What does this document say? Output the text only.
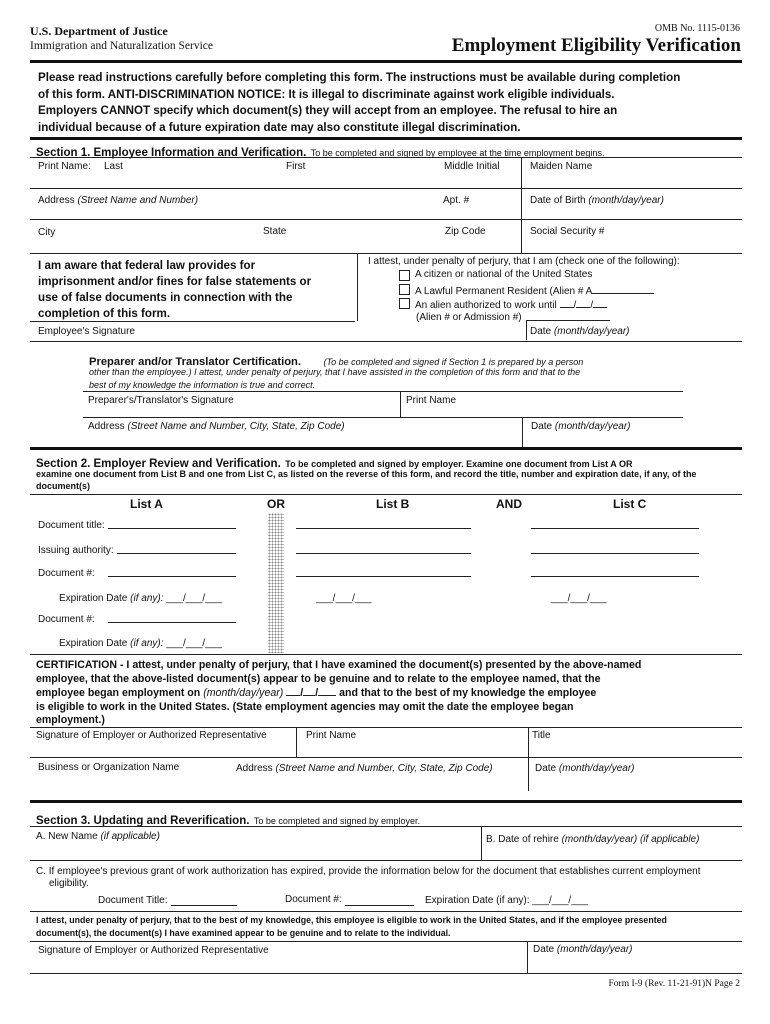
U.S. Department of Justice
Immigration and Naturalization Service
OMB No. 1115-0136
Employment Eligibility Verification
Please read instructions carefully before completing this form. The instructions must be available during completion
of this form. ANTI-DISCRIMINATION NOTICE: It is illegal to discriminate against work eligible individuals.
Employers CANNOT specify which document(s) they will accept from an employee. The refusal to hire an
individual because of a future expiration date may also constitute illegal discrimination.
Section 1. Employee Information and Verification. To be completed and signed by employee at the time employment begins.
Print Name: Last	First	Middle Initial	Maiden Name
Address (Street Name and Number)	Apt. #	Date of Birth (month/day/year)
City	State	Zip Code	Social Security #
I am aware that federal law provides for
imprisonment and/or fines for false statements or
use of false documents in connection with the
completion of this form.
I attest, under penalty of perjury, that I am (check one of the following):
A citizen or national of the United States
A Lawful Permanent Resident (Alien # A
An alien authorized to work until / /
(Alien # or Admission #)
Employee's Signature	Date (month/day/year)
Preparer and/or Translator Certification. (To be completed and signed if Section 1 is prepared by a person
other than the employee.) I attest, under penalty of perjury, that I have assisted in the completion of this form and that to the
best of my knowledge the information is true and correct.
Preparer's/Translator's Signature	Print Name
Address (Street Name and Number, City, State, Zip Code)	Date (month/day/year)
Section 2. Employer Review and Verification. To be completed and signed by employer. Examine one document from List A OR
examine one document from List B and one from List C, as listed on the reverse of this form, and record the title, number and expiration date, if any, of the
document(s)
List A	OR	List B	AND	List C
Document title:
Issuing authority:
Document #:
Expiration Date (if any): ___/___/___	___/___/___	___/___/___
Document #:
Expiration Date (if any): ___/___/___
CERTIFICATION - I attest, under penalty of perjury, that I have examined the document(s) presented by the above-named
employee, that the above-listed document(s) appear to be genuine and to relate to the employee named, that the
employee began employment on (month/day/year) / / and that to the best of my knowledge the employee
is eligible to work in the United States. (State employment agencies may omit the date the employee began
employment.)
Signature of Employer or Authorized Representative	Print Name	Title
Business or Organization Name	Address (Street Name and Number, City, State, Zip Code)	Date (month/day/year)
Section 3. Updating and Reverification. To be completed and signed by employer.
A. New Name (if applicable)	B. Date of rehire (month/day/year) (if applicable)
C. If employee's previous grant of work authorization has expired, provide the information below for the document that establishes current employment
eligibility.
Document Title:	Document #:	Expiration Date (if any): ___/___/___
I attest, under penalty of perjury, that to the best of my knowledge, this employee is eligible to work in the United States, and if the employee presented
document(s), the document(s) I have examined appear to be genuine and to relate to the individual.
Signature of Employer or Authorized Representative	Date (month/day/year)
Form I-9 (Rev. 11-21-91)N Page 2
